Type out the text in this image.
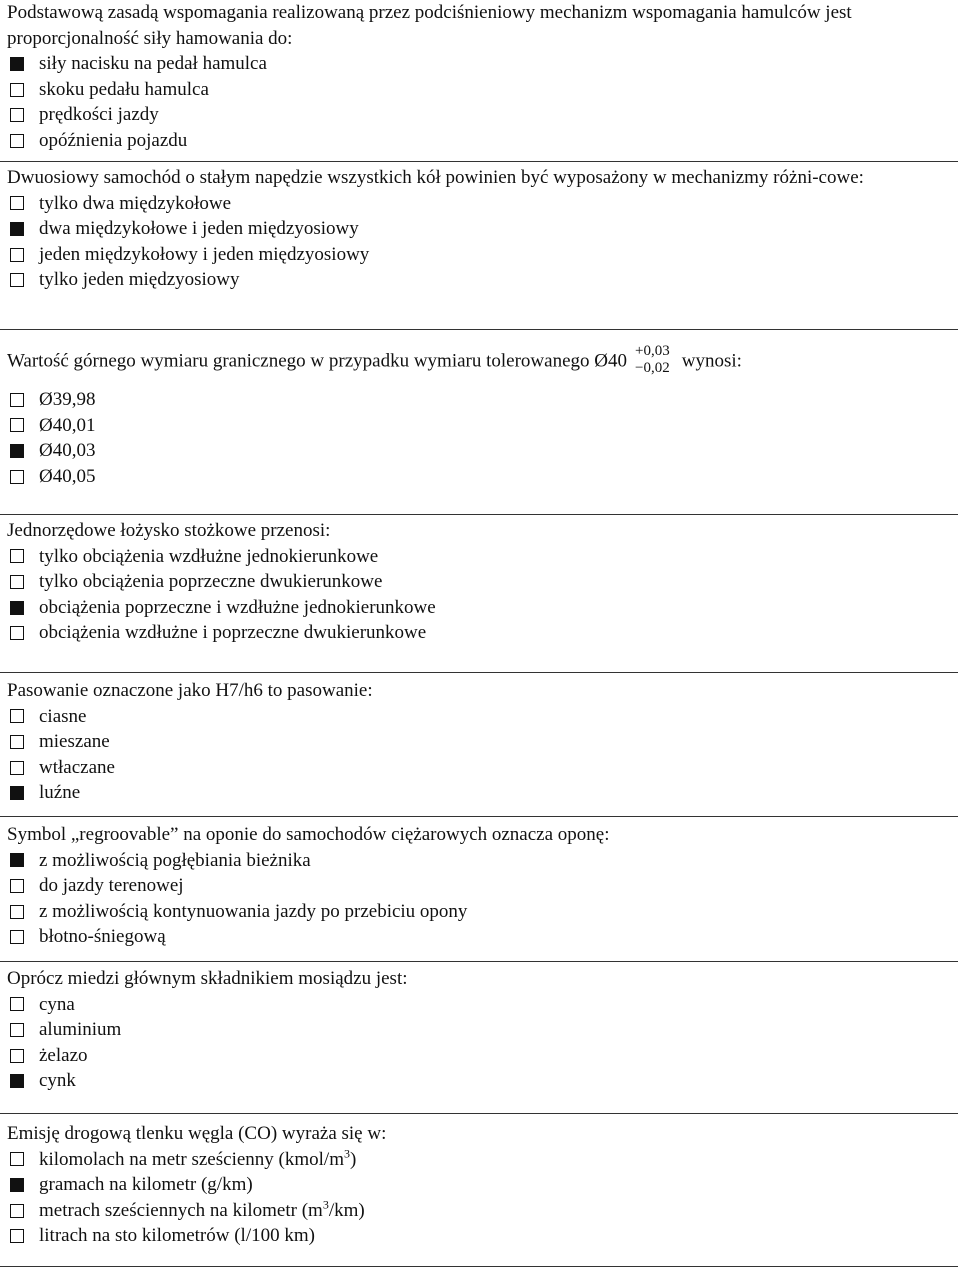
Podstawową zasadą wspomagania realizowaną przez podciśnieniowy mechanizm wspomagania hamulców jest proporcjonalność siły hamowania do:

siły nacisku na pedał hamulca
skoku pedału hamulca
prędkości jazdy
opóźnienia pojazdu

Dwuosiowy samochód o stałym napędzie wszystkich kół powinien być wyposażony w mechanizmy różni-cowe:

tylko dwa międzykołowe
dwa międzykołowe i jeden międzyosiowy
jeden międzykołowy i jeden międzyosiowy
tylko jeden międzyosiowy

Wartość górnego wymiaru granicznego w przypadku wymiaru tolerowanego Ø40 +0,03
−0,02 wynosi:

Ø39,98
Ø40,01
Ø40,03
Ø40,05

Jednorzędowe łożysko stożkowe przenosi:

tylko obciążenia wzdłużne jednokierunkowe
tylko obciążenia poprzeczne dwukierunkowe
obciążenia poprzeczne i wzdłużne jednokierunkowe
obciążenia wzdłużne i poprzeczne dwukierunkowe

Pasowanie oznaczone jako H7/h6 to pasowanie:

ciasne
mieszane
wtłaczane
luźne

Symbol „regroovable” na oponie do samochodów ciężarowych oznacza oponę:

z możliwością pogłębiania bieżnika
do jazdy terenowej
z możliwością kontynuowania jazdy po przebiciu opony
błotno-śniegową

Oprócz miedzi głównym składnikiem mosiądzu jest:

cyna
aluminium
żelazo
cynk

Emisję drogową tlenku węgla (CO) wyraża się w:

kilomolach na metr sześcienny $(kmol/m^3)$
gramach na kilometr (g/km)
metrach sześciennych na kilometr $(m^3/km)$
litrach na sto kilometrów (l/100 km)
